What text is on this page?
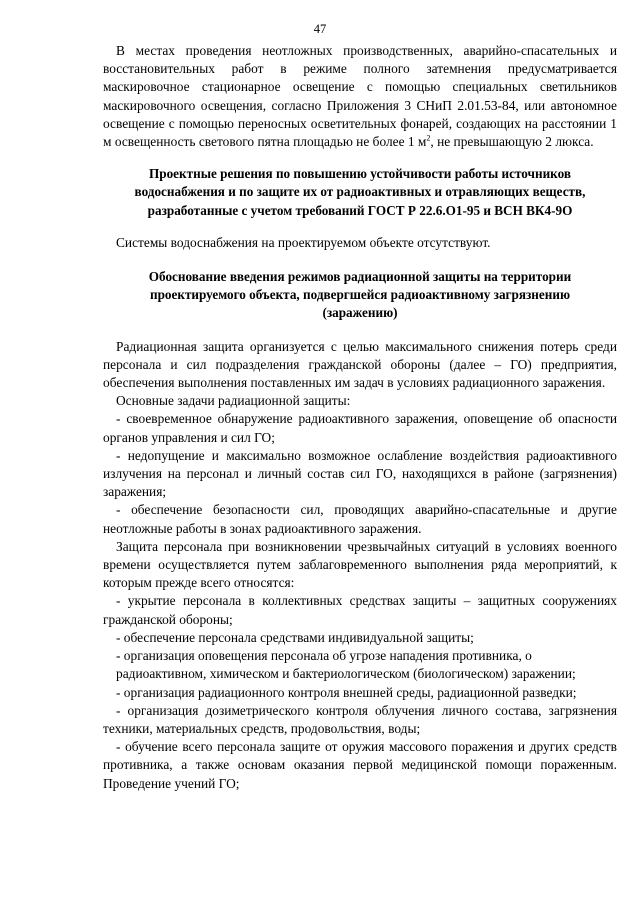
47

В местах проведения неотложных производственных, аварийно-спасательных и восстановительных работ в режиме полного затемнения предусматривается маскировочное стационарное освещение с помощью специальных светильников маскировочного освещения, согласно Приложения 3 СНиП 2.01.53-84, или автономное освещение с помощью переносных осветительных фонарей, создающих на расстоянии 1 м освещенность светового пятна площадью не более 1 $м^2$, не превышающую 2 люкса.

Проектные решения по повышению устойчивости работы источников водоснабжения и по защите их от радиоактивных и отравляющих веществ, разработанные с учетом требований ГОСТ Р 22.6.О1-95 и ВСН ВК4-9О

Системы водоснабжения на проектируемом объекте отсутствуют.

Обоснование введения режимов радиационной защиты на территории проектируемого объекта, подвергшейся радиоактивному загрязнению (заражению)

Радиационная защита организуется с целью максимального снижения потерь среди персонала и сил подразделения гражданской обороны (далее – ГО) предприятия, обеспечения выполнения поставленных им задач в условиях радиационного заражения.

Основные задачи радиационной защиты:

- своевременное обнаружение радиоактивного заражения, оповещение об опасности органов управления и сил ГО;

- недопущение и максимально возможное ослабление воздействия радиоактивного излучения на персонал и личный состав сил ГО, находящихся в районе (загрязнения) заражения;

- обеспечение безопасности сил, проводящих аварийно-спасательные и другие неотложные работы в зонах радиоактивного заражения.

Защита персонала при возникновении чрезвычайных ситуаций в условиях военного времени осуществляется путем заблаговременного выполнения ряда мероприятий, к которым прежде всего относятся:

- укрытие персонала в коллективных средствах защиты – защитных сооружениях гражданской обороны;

- обеспечение персонала средствами индивидуальной защиты;

- организация оповещения персонала об угрозе нападения противника, о

радиоактивном, химическом и бактериологическом (биологическом) заражении;

- организация радиационного контроля внешней среды, радиационной разведки;

- организация дозиметрического контроля облучения личного состава, загрязнения техники, материальных средств, продовольствия, воды;

- обучение всего персонала защите от оружия массового поражения и других средств противника, а также основам оказания первой медицинской помощи пораженным. Проведение учений ГО;
